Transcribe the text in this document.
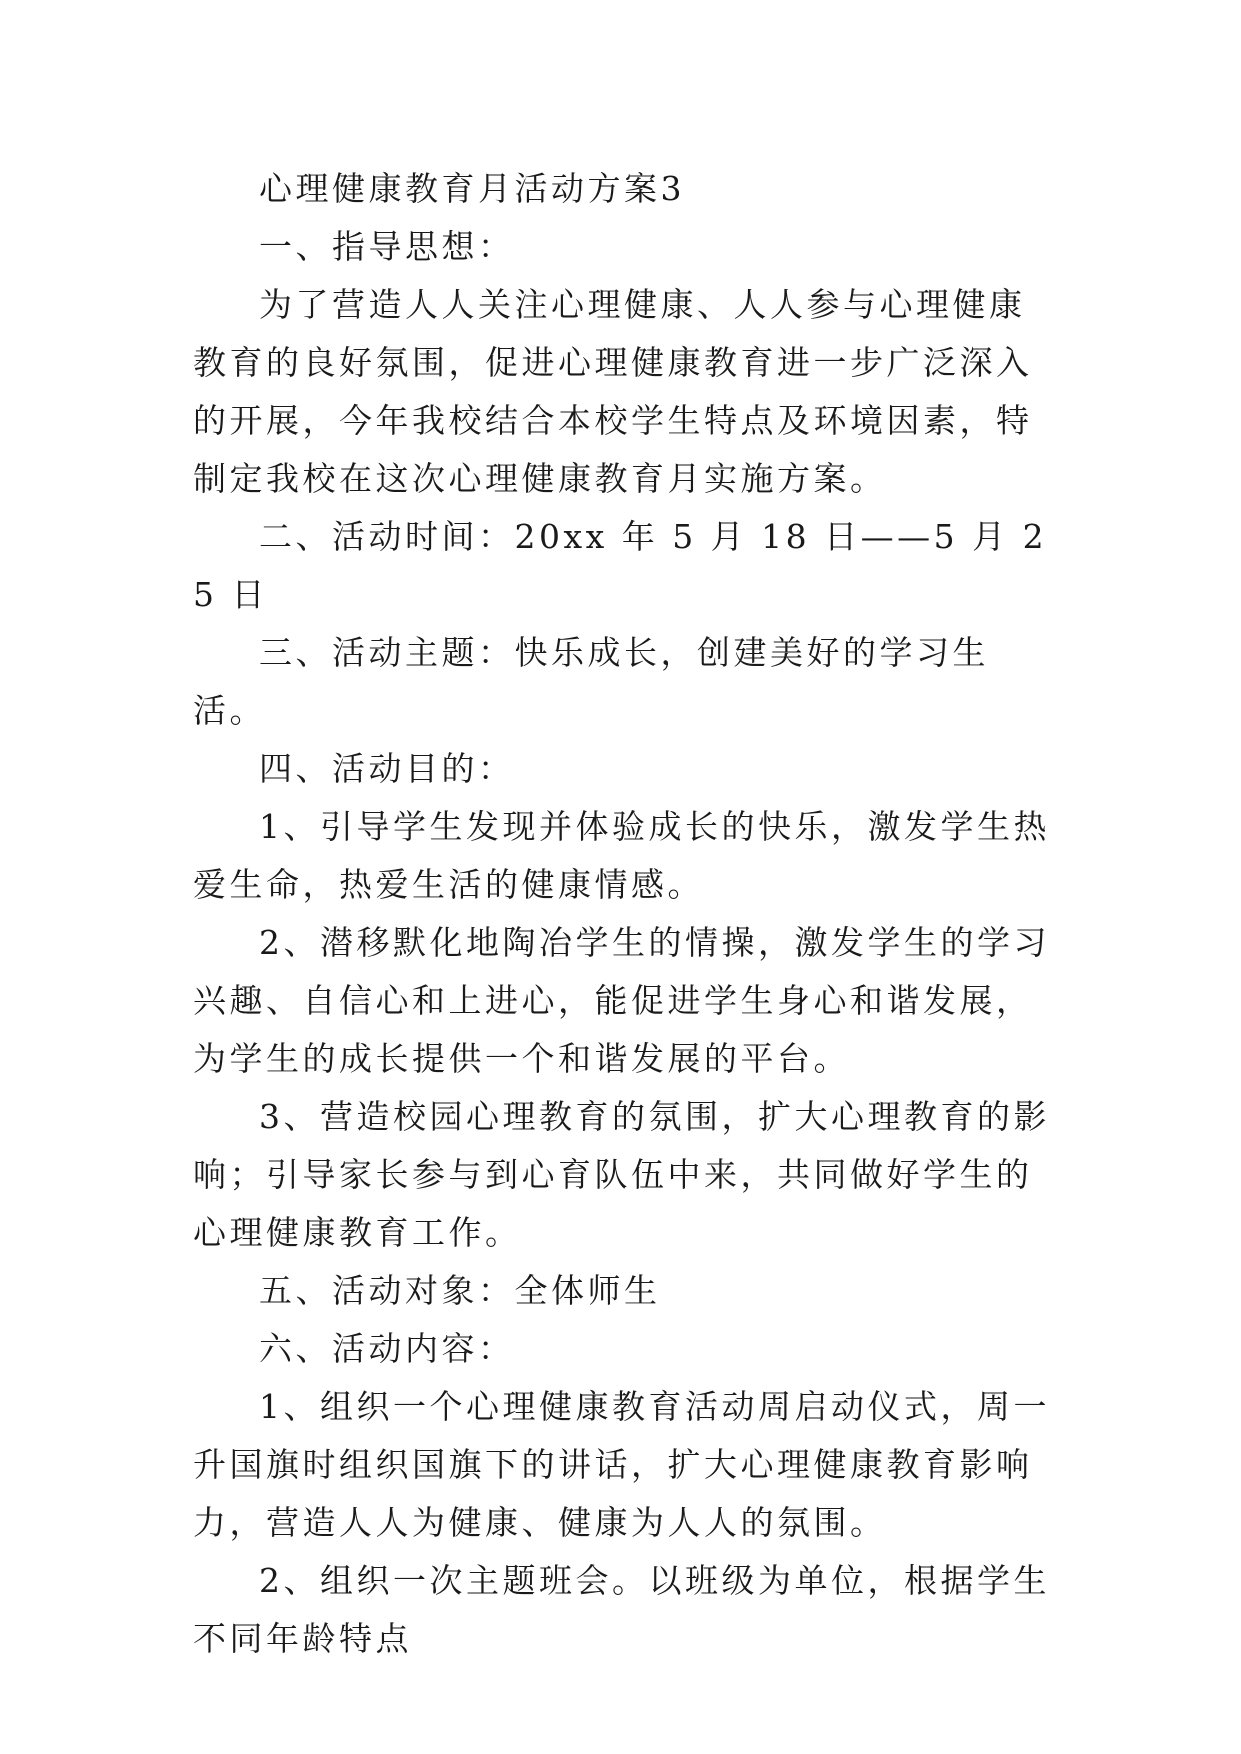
心理健康教育月活动方案3

一、指导思想：

为了营造人人关注心理健康、人人参与心理健康教育的良好氛围，促进心理健康教育进一步广泛深入的开展，今年我校结合本校学生特点及环境因素，特制定我校在这次心理健康教育月实施方案。

二、活动时间：20xx 年 5 月 18 日——5 月 25 日

三、活动主题：快乐成长，创建美好的学习生活。

四、活动目的：

1、引导学生发现并体验成长的快乐，激发学生热爱生命，热爱生活的健康情感。

2、潜移默化地陶冶学生的情操，激发学生的学习兴趣、自信心和上进心，能促进学生身心和谐发展，为学生的成长提供一个和谐发展的平台。

3、营造校园心理教育的氛围，扩大心理教育的影响；引导家长参与到心育队伍中来，共同做好学生的心理健康教育工作。

五、活动对象：全体师生

六、活动内容：

1、组织一个心理健康教育活动周启动仪式，周一升国旗时组织国旗下的讲话，扩大心理健康教育影响力，营造人人为健康、健康为人人的氛围。

2、组织一次主题班会。以班级为单位，根据学生不同年龄特点
